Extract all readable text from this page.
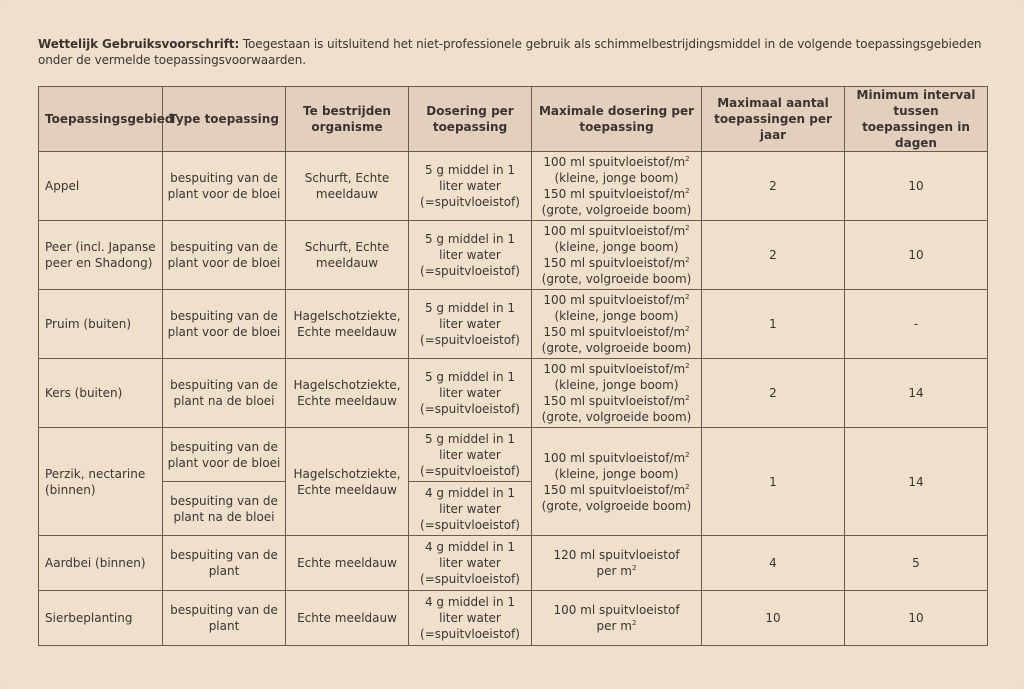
Wettelijk Gebruiksvoorschrift: Toegestaan is uitsluitend het niet-professionele gebruik als schimmelbestrijdingsmiddel in de volgende toepassingsgebieden onder de vermelde toepassingsvoorwaarden.
Toepassingsgebied	Type toepassing	Te bestrijden organisme	Dosering per toepassing	Maximale dosering per toepassing	Maximaal aantal toepassingen per jaar	Minimum interval tussen toepassingen in dagen
Appel	bespuiting van de plant voor de bloei	Schurft, Echte meeldauw	5 g middel in 1 liter water (=spuitvloeistof)	100 ml spuitvloeistof/$m^2$
(kleine, jonge boom)
150 ml spuitvloeistof/$m^2$
(grote, volgroeide boom)	2	10
Peer (incl. Japanse peer en Shadong)	bespuiting van de plant voor de bloei	Schurft, Echte meeldauw	5 g middel in 1 liter water (=spuitvloeistof)	100 ml spuitvloeistof/$m^2$
(kleine, jonge boom)
150 ml spuitvloeistof/$m^2$
(grote, volgroeide boom)	2	10
Pruim (buiten)	bespuiting van de plant voor de bloei	Hagelschotziekte, Echte meeldauw	5 g middel in 1 liter water (=spuitvloeistof)	100 ml spuitvloeistof/$m^2$
(kleine, jonge boom)
150 ml spuitvloeistof/$m^2$
(grote, volgroeide boom)	1	-
Kers (buiten)	bespuiting van de plant na de bloei	Hagelschotziekte, Echte meeldauw	5 g middel in 1 liter water (=spuitvloeistof)	100 ml spuitvloeistof/$m^2$
(kleine, jonge boom)
150 ml spuitvloeistof/$m^2$
(grote, volgroeide boom)	2	14
Perzik, nectarine (binnen)	bespuiting van de plant voor de bloei	Hagelschotziekte, Echte meeldauw	5 g middel in 1 liter water (=spuitvloeistof)	100 ml spuitvloeistof/$m^2$
(kleine, jonge boom)
150 ml spuitvloeistof/$m^2$
(grote, volgroeide boom)	1	14
	bespuiting van de plant na de bloei		4 g middel in 1 liter water (=spuitvloeistof)			
Aardbei (binnen)	bespuiting van de plant	Echte meeldauw	4 g middel in 1 liter water (=spuitvloeistof)	120 ml spuitvloeistof
per $m^2$	4	5
Sierbeplanting	bespuiting van de plant	Echte meeldauw	4 g middel in 1 liter water (=spuitvloeistof)	100 ml spuitvloeistof
per $m^2$	10	10
